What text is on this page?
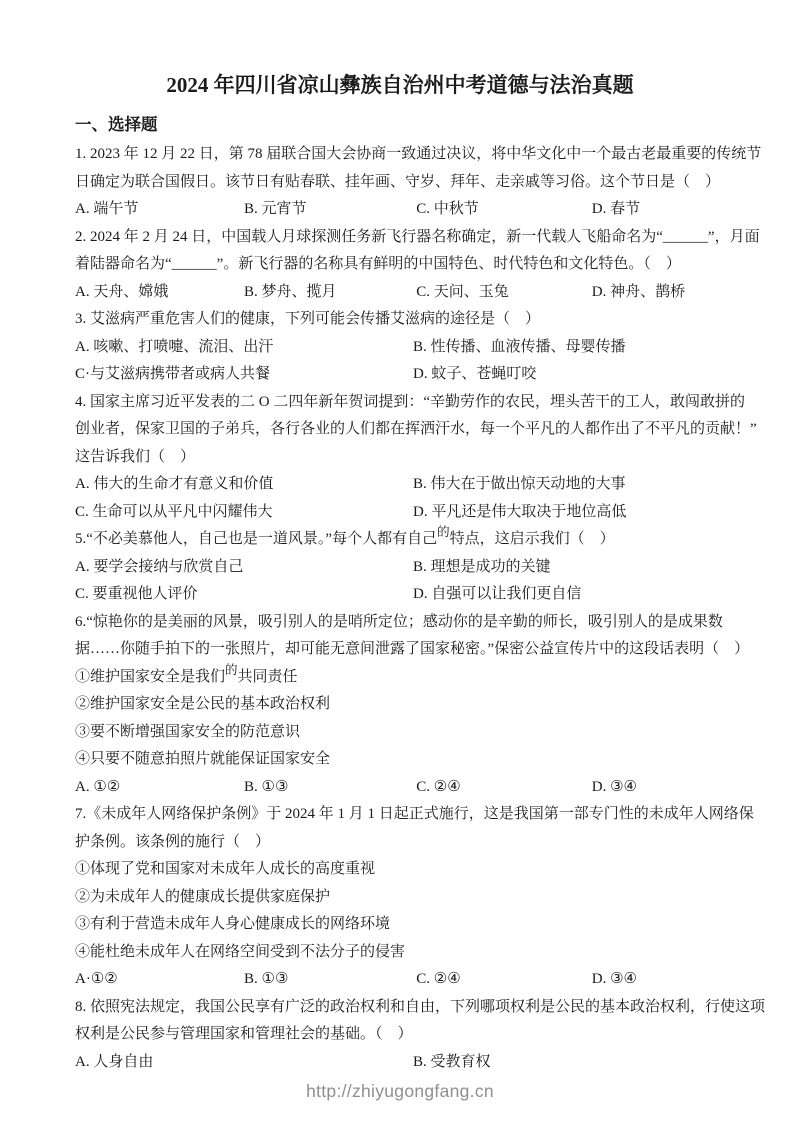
2024 年四川省凉山彝族自治州中考道德与法治真题
一、选择题
1. 2023 年 12 月 22 日，第 78 届联合国大会协商一致通过决议，将中华文化中一个最古老最重要的传统节
日确定为联合国假日。该节日有贴春联、挂年画、守岁、拜年、走亲戚等习俗。这个节日是（　）
A. 端午节	B. 元宵节	C. 中秋节	D. 春节
2. 2024 年 2 月 24 日，中国载人月球探测任务新飞行器名称确定，新一代载人飞船命名为“______”，月面
着陆器命名为“______”。新飞行器的名称具有鲜明的中国特色、时代特色和文化特色。（　）
A. 天舟、嫦娥	B. 梦舟、揽月	C. 天问、玉兔	D. 神舟、鹊桥
3. 艾滋病严重危害人们的健康，下列可能会传播艾滋病的途径是（　）
A. 咳嗽、打喷嚏、流泪、出汗	B. 性传播、血液传播、母婴传播
C·与艾滋病携带者或病人共餐	D. 蚊子、苍蝇叮咬
4. 国家主席习近平发表的二 O 二四年新年贺词提到：“辛勤劳作的农民，埋头苦干的工人，敢闯敢拼的
创业者，保家卫国的子弟兵，各行各业的人们都在挥洒汗水，每一个平凡的人都作出了不平凡的贡献！”
这告诉我们（　）
A. 伟大的生命才有意义和价值	B. 伟大在于做出惊天动地的大事
C. 生命可以从平凡中闪耀伟大	D. 平凡还是伟大取决于地位高低
5.“不必美慕他人，自己也是一道风景。”每个人都有自己$^的$特点，这启示我们（　）
A. 要学会接纳与欣赏自己	B. 理想是成功的关键
C. 要重视他人评价	D. 自强可以让我们更自信
6.“惊艳你的是美丽的风景，吸引别人的是哨所定位；感动你的是辛勤的师长，吸引别人的是成果数
据……你随手拍下的一张照片，却可能无意间泄露了国家秘密。”保密公益宣传片中的这段话表明（　）
①维护国家安全是我们$^的$共同责任
②维护国家安全是公民的基本政治权利
③要不断增强国家安全的防范意识
④只要不随意拍照片就能保证国家安全
A. ①②	B. ①③	C. ②④	D. ③④
7.《未成年人网络保护条例》于 2024 年 1 月 1 日起正式施行，这是我国第一部专门性的未成年人网络保
护条例。该条例的施行（　）
①体现了党和国家对未成年人成长的高度重视
②为未成年人的健康成长提供家庭保护
③有利于营造未成年人身心健康成长的网络环境
④能杜绝未成年人在网络空间受到不法分子的侵害
A·①②	B. ①③	C. ②④	D. ③④
8. 依照宪法规定，我国公民享有广泛的政治权利和自由，下列哪项权利是公民的基本政治权利，行使这项
权利是公民参与管理国家和管理社会的基础。（　）
A. 人身自由	B. 受教育权
http://zhiyugongfang.cn
